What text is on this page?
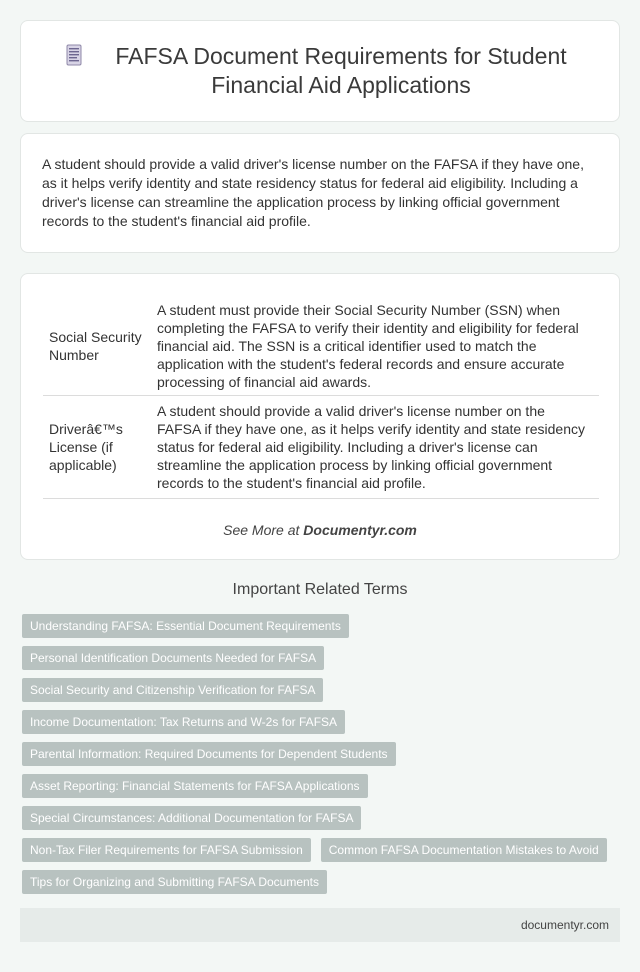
FAFSA Document Requirements for Student Financial Aid Applications

A student should provide a valid driver's license number on the FAFSA if they have one, as it helps verify identity and state residency status for federal aid eligibility. Including a driver's license can streamline the application process by linking official government records to the student's financial aid profile.

Social Security Number	A student must provide their Social Security Number (SSN) when completing the FAFSA to verify their identity and eligibility for federal financial aid. The SSN is a critical identifier used to match the application with the student's federal records and ensure accurate processing of financial aid awards.
Driverâ€™s License (if applicable)	A student should provide a valid driver's license number on the FAFSA if they have one, as it helps verify identity and state residency status for federal aid eligibility. Including a driver's license can streamline the application process by linking official government records to the student's financial aid profile.
See More at Documentyr.com
Important Related Terms
Understanding FAFSA: Essential Document Requirements
Personal Identification Documents Needed for FAFSA
Social Security and Citizenship Verification for FAFSA
Income Documentation: Tax Returns and W-2s for FAFSA
Parental Information: Required Documents for Dependent Students
Asset Reporting: Financial Statements for FAFSA Applications
Special Circumstances: Additional Documentation for FAFSA
Non-Tax Filer Requirements for FAFSA Submission	Common FAFSA Documentation Mistakes to Avoid
Tips for Organizing and Submitting FAFSA Documents
documentyr.com
